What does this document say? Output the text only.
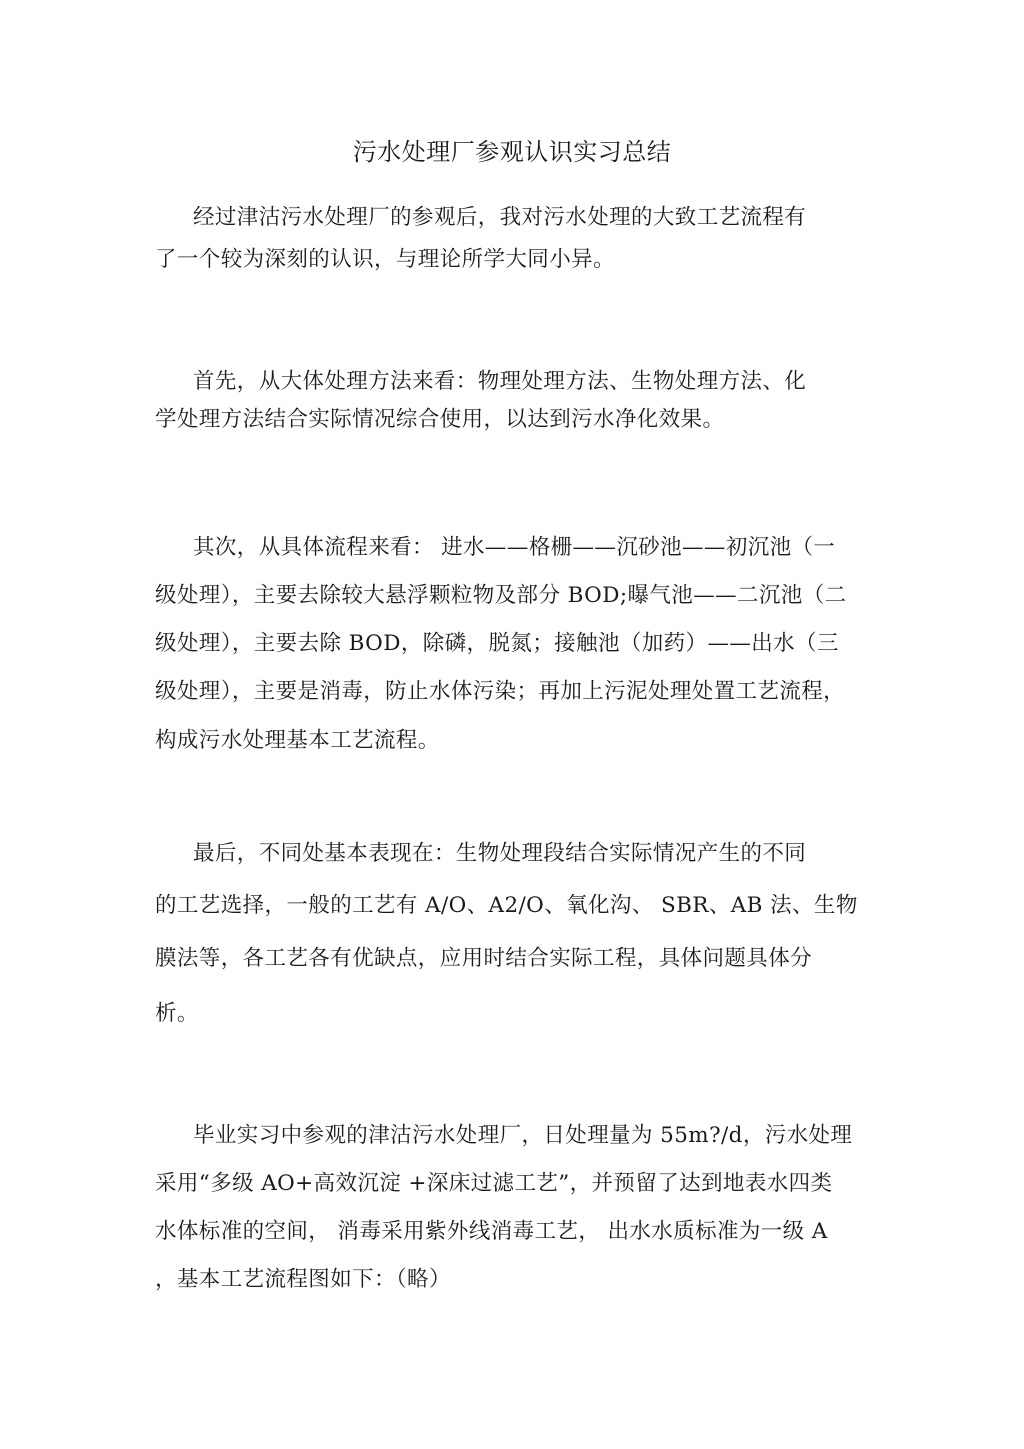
污水处理厂参观认识实习总结
经过津沽污水处理厂的参观后，我对污水处理的大致工艺流程有
了一个较为深刻的认识，与理论所学大同小异。
首先，从大体处理方法来看：物理处理方法、生物处理方法、化
学处理方法结合实际情况综合使用，以达到污水净化效果。
其次，从具体流程来看： 进水——格栅——沉砂池——初沉池（一
级处理），主要去除较大悬浮颗粒物及部分 BOD;曝气池——二沉池（二
级处理），主要去除 BOD，除磷，脱氮；接触池（加药）——出水（三
级处理），主要是消毒，防止水体污染；再加上污泥处理处置工艺流程，
构成污水处理基本工艺流程。
最后，不同处基本表现在：生物处理段结合实际情况产生的不同
的工艺选择，一般的工艺有 A/O、A2/O、氧化沟、 SBR、AB 法、生物
膜法等，各工艺各有优缺点，应用时结合实际工程，具体问题具体分
析。
毕业实习中参观的津沽污水处理厂，日处理量为 55m?/d，污水处理
采用“多级 AO+高效沉淀 +深床过滤工艺”，并预留了达到地表水四类
水体标准的空间， 消毒采用紫外线消毒工艺， 出水水质标准为一级 A
，基本工艺流程图如下：（略）
